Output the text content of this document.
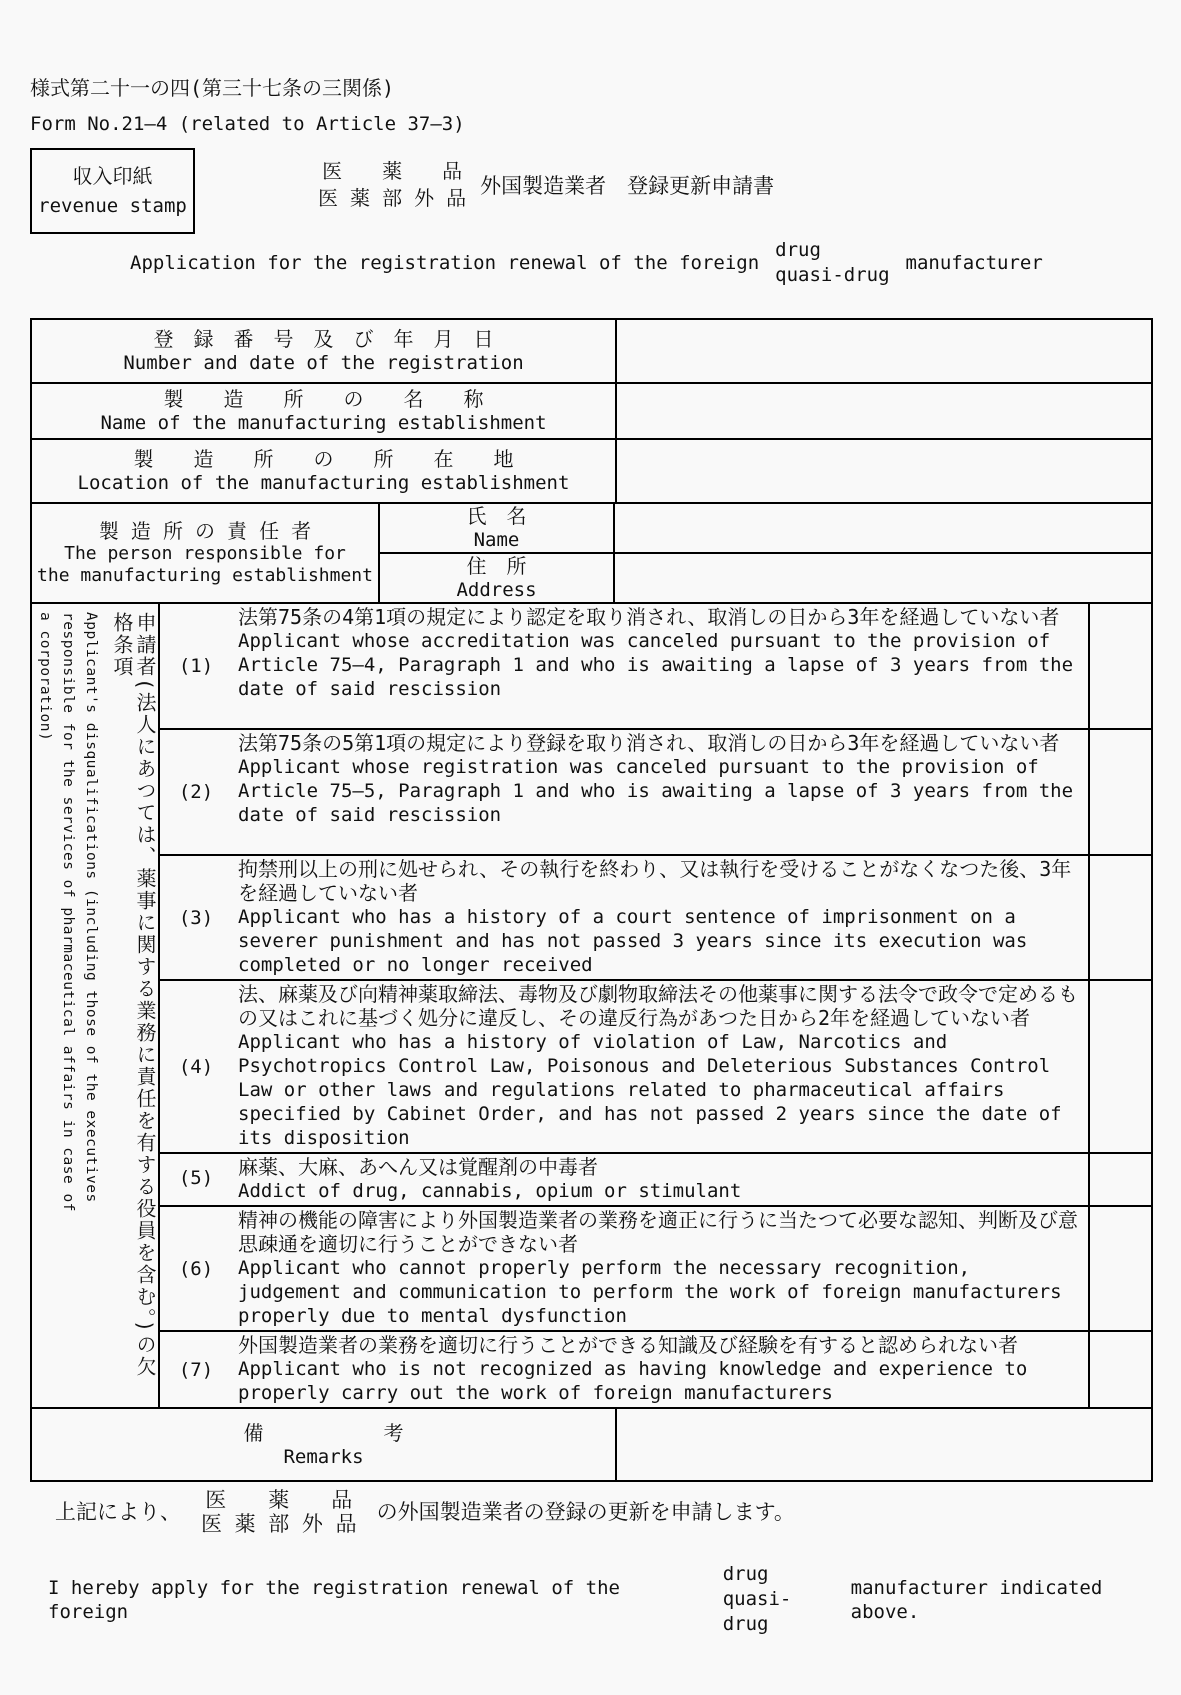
様式第二十一の四(第三十七条の三関係)
Form No.21—4 (related to Article 37—3)
収入印紙
revenue stamp
医　　薬　　品
医 薬 部 外 品 外国製造業者　登録更新申請書
Application for the registration renewal of the foreign
drug
quasi-drug
manufacturer
登　録　番　号　及　び　年　月　日
Number and date of the registration
製　　造　　所　　の　　名　　称
Name of the manufacturing establishment
製　　造　　所　　の　　所　　在　　地
Location of the manufacturing establishment
製 造 所 の 責 任 者
The person responsible for
the manufacturing establishment
氏　名
Name
住　所
Address
申請者(法人にあつては、薬事に関する業務に責任を有する役員を含む。)の欠
格条項
Applicant's disqualifications (including those of the executives
responsible for the services of pharmaceutical affairs in case of
a corporation)	(1)
法第75条の4第1項の規定により認定を取り消され、取消しの日から3年を経過していない者
Applicant whose accreditation was canceled pursuant to the provision of Article 75—4, Paragraph 1 and who is awaiting a lapse of 3 years from the date of said rescission
(2)
法第75条の5第1項の規定により登録を取り消され、取消しの日から3年を経過していない者
Applicant whose registration was canceled pursuant to the provision of Article 75—5, Paragraph 1 and who is awaiting a lapse of 3 years from the date of said rescission
(3)
拘禁刑以上の刑に処せられ、その執行を終わり、又は執行を受けることがなくなつた後、3年を経過していない者
Applicant who has a history of a court sentence of imprisonment on a severer punishment and has not passed 3 years since its execution was completed or no longer received
(4)
法、麻薬及び向精神薬取締法、毒物及び劇物取締法その他薬事に関する法令で政令で定めるもの又はこれに基づく処分に違反し、その違反行為があつた日から2年を経過していない者
Applicant who has a history of violation of Law, Narcotics and Psychotropics Control Law, Poisonous and Deleterious Substances Control Law or other laws and regulations related to pharmaceutical affairs specified by Cabinet Order, and has not passed 2 years since the date of its disposition
(5)	麻薬、大麻、あへん又は覚醒剤の中毒者
Addict of drug, cannabis, opium or stimulant
(6)
精神の機能の障害により外国製造業者の業務を適正に行うに当たつて必要な認知、判断及び意思疎通を適切に行うことができない者
Applicant who cannot properly perform the necessary recognition, judgement and communication to perform the work of foreign manufacturers properly due to mental dysfunction
(7)
外国製造業者の業務を適切に行うことができる知識及び経験を有すると認められない者
Applicant who is not recognized as having knowledge and experience to properly carry out the work of foreign manufacturers
備　　　　　　考
Remarks
上記により、 医　　薬　　品
医 薬 部 外 品 の外国製造業者の登録の更新を申請します。
I hereby apply for the registration renewal of the foreign
drug
quasi-drug
manufacturer indicated above.
